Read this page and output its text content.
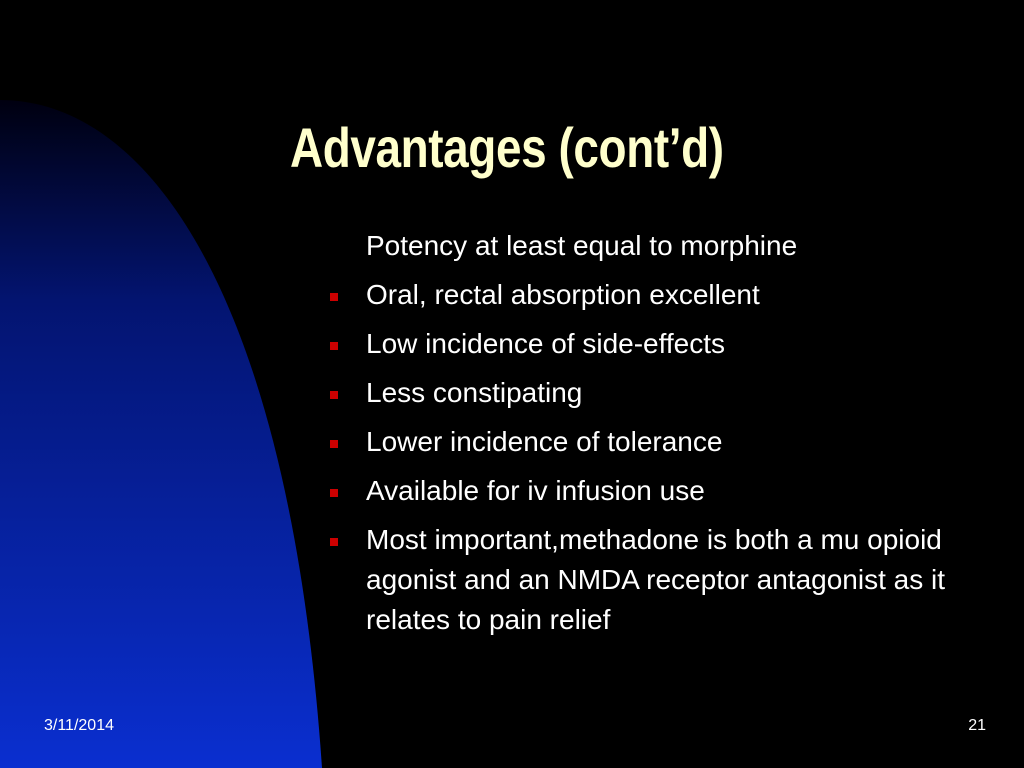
Advantages (cont’d)
Potency at least equal to morphine
Oral, rectal absorption excellent
Low incidence of side-effects
Less constipating
Lower incidence of tolerance
Available for iv infusion use
Most important,methadone is both a mu opioid agonist and an NMDA receptor antagonist as it relates to pain relief
3/11/2014	21
